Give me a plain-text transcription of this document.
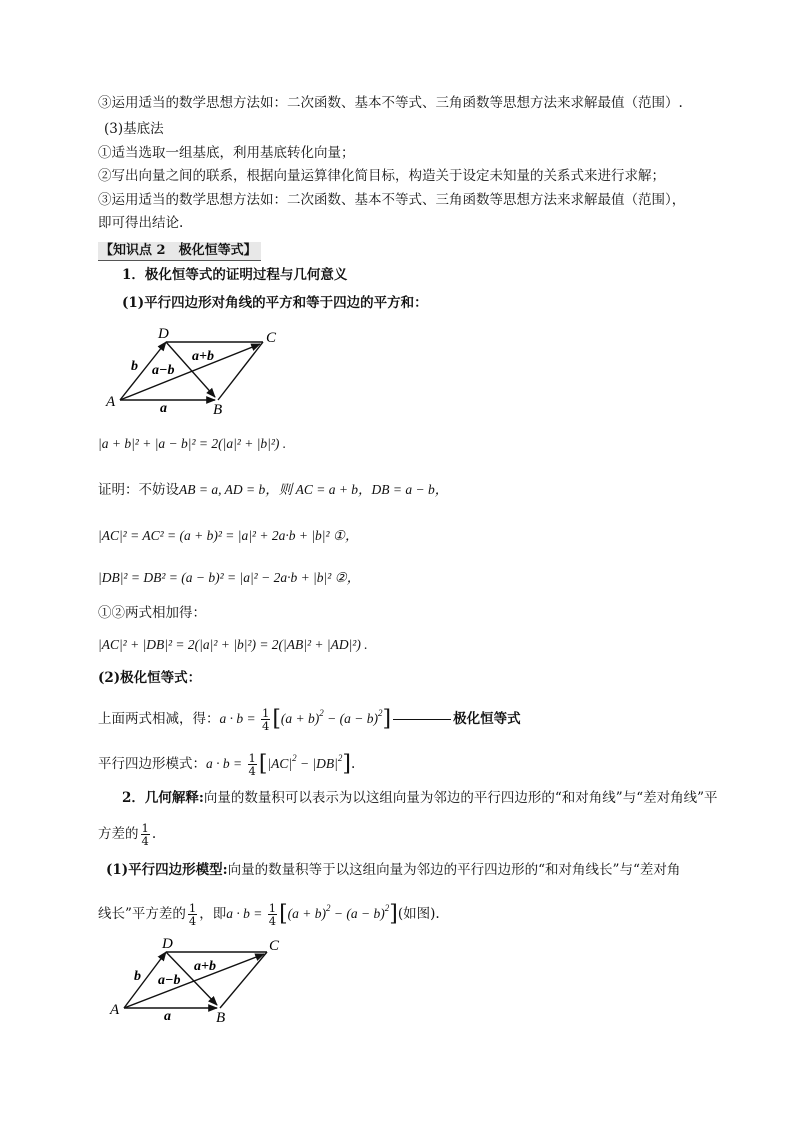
③运用适当的数学思想方法如：二次函数、基本不等式、三角函数等思想方法来求解最值（范围）.
(3)基底法
①适当选取一组基底，利用基底转化向量；
②写出向量之间的联系，根据向量运算律化简目标，构造关于设定未知量的关系式来进行求解；
③运用适当的数学思想方法如：二次函数、基本不等式、三角函数等思想方法来求解最值（范围），
即可得出结论.
【知识点 2　极化恒等式】
1．极化恒等式的证明过程与几何意义
(1)平行四边形对角线的平方和等于四边的平方和：
A	B
C
D
a
b
a+b
a−b
|a + b|² + |a − b|² = 2(|a|² + |b|²) .
证明：不妨设AB = a, AD = b，则 AC = a + b，DB = a − b，
|AC|² = AC² = (a + b)² = |a|² + 2a·b + |b|² ①，
|DB|² = DB² = (a − b)² = |a|² − 2a·b + |b|² ②，
①②两式相加得：
|AC|² + |DB|² = 2(|a|² + |b|²) = 2(|AB|² + |AD|²) .
(2)极化恒等式：
上面两式相减，得：$a \cdot b = \frac{1}{4} [(a + b)^2 - (a - b)^2]$	极化恒等式
平行四边形模式：$a \cdot b = \frac{1}{4} [|AC|^2 - |DB|^2]$.
2．几何解释:向量的数量积可以表示为以这组向量为邻边的平行四边形的“和对角线”与“差对角线”平
方差的 $\frac{1}{4}$ .
(1)平行四边形模型:向量的数量积等于以这组向量为邻边的平行四边形的“和对角线长”与“差对角
线长”平方差的 $\frac{1}{4}$ ，即$a \cdot b = \frac{1}{4} [(a + b)^2 - (a - b)^2]$(如图).
A	B
C
D
a
b
a+b
a−b
